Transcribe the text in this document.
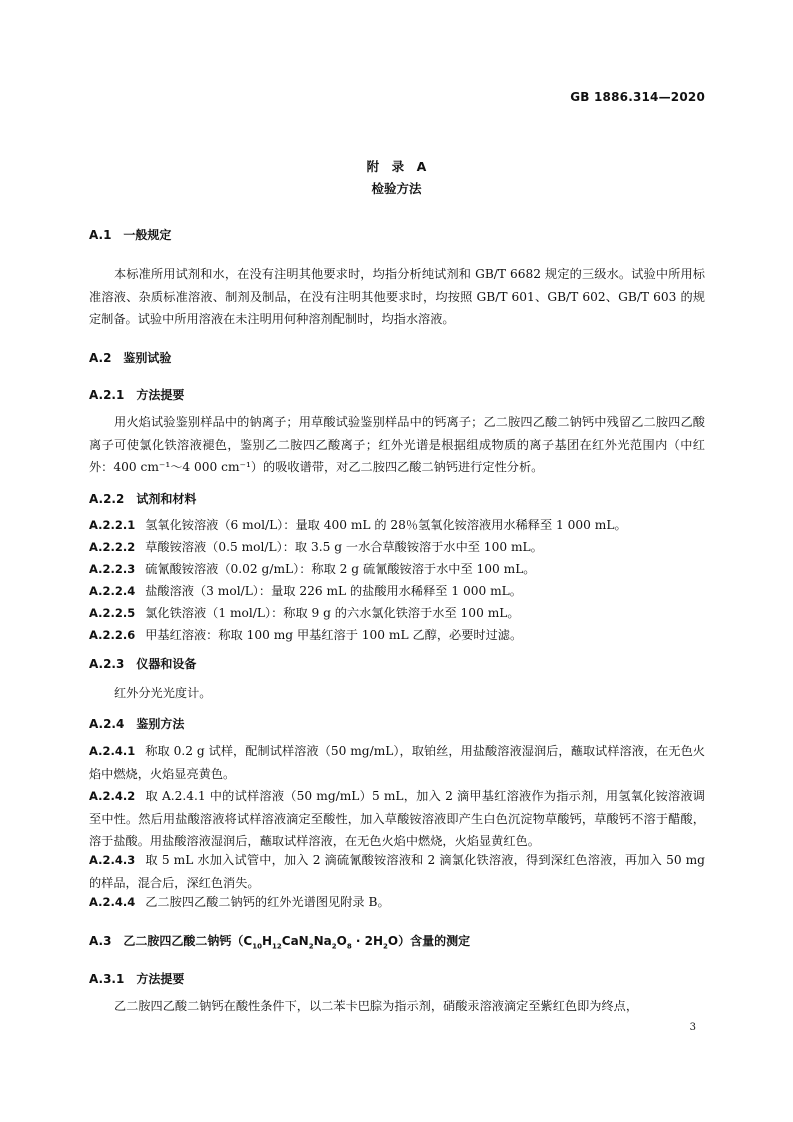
GB 1886.314—2020
附　录　A
检验方法
A.1 一般规定
本标准所用试剂和水，在没有注明其他要求时，均指分析纯试剂和 GB/T 6682 规定的三级水。试验中所用标准溶液、杂质标准溶液、制剂及制品，在没有注明其他要求时，均按照 GB/T 601、GB/T 602、GB/T 603 的规定制备。试验中所用溶液在未注明用何种溶剂配制时，均指水溶液。
A.2 鉴别试验
A.2.1 方法提要
用火焰试验鉴别样品中的钠离子；用草酸试验鉴别样品中的钙离子；乙二胺四乙酸二钠钙中残留乙二胺四乙酸离子可使氯化铁溶液褪色，鉴别乙二胺四乙酸离子；红外光谱是根据组成物质的离子基团在红外光范围内（中红外：400 cm⁻¹～4 000 cm⁻¹）的吸收谱带，对乙二胺四乙酸二钠钙进行定性分析。
A.2.2 试剂和材料
A.2.2.1 氢氧化铵溶液（6 mol/L）：量取 400 mL 的 28％氢氧化铵溶液用水稀释至 1 000 mL。
A.2.2.2 草酸铵溶液（0.5 mol/L）：取 3.5 g 一水合草酸铵溶于水中至 100 mL。
A.2.2.3 硫氰酸铵溶液（0.02 g/mL）：称取 2 g 硫氰酸铵溶于水中至 100 mL。
A.2.2.4 盐酸溶液（3 mol/L）：量取 226 mL 的盐酸用水稀释至 1 000 mL。
A.2.2.5 氯化铁溶液（1 mol/L）：称取 9 g 的六水氯化铁溶于水至 100 mL。
A.2.2.6 甲基红溶液：称取 100 mg 甲基红溶于 100 mL 乙醇，必要时过滤。
A.2.3 仪器和设备
红外分光光度计。
A.2.4 鉴别方法
A.2.4.1 称取 0.2 g 试样，配制试样溶液（50 mg/mL），取铂丝，用盐酸溶液湿润后，蘸取试样溶液，在无色火焰中燃烧，火焰显亮黄色。
A.2.4.2 取 A.2.4.1 中的试样溶液（50 mg/mL）5 mL，加入 2 滴甲基红溶液作为指示剂，用氢氧化铵溶液调至中性。然后用盐酸溶液将试样溶液滴定至酸性，加入草酸铵溶液即产生白色沉淀物草酸钙，草酸钙不溶于醋酸，溶于盐酸。用盐酸溶液湿润后，蘸取试样溶液，在无色火焰中燃烧，火焰显黄红色。
A.2.4.3 取 5 mL 水加入试管中，加入 2 滴硫氰酸铵溶液和 2 滴氯化铁溶液，得到深红色溶液，再加入 50 mg的样品，混合后，深红色消失。
A.2.4.4 乙二胺四乙酸二钠钙的红外光谱图见附录 B。
A.3 乙二胺四乙酸二钠钙$(C_{10}H_{12}CaN_2Na_2O_8 \cdot 2H_2O)$含量的测定
A.3.1 方法提要
乙二胺四乙酸二钠钙在酸性条件下，以二苯卡巴腙为指示剂，硝酸汞溶液滴定至紫红色即为终点，
3
